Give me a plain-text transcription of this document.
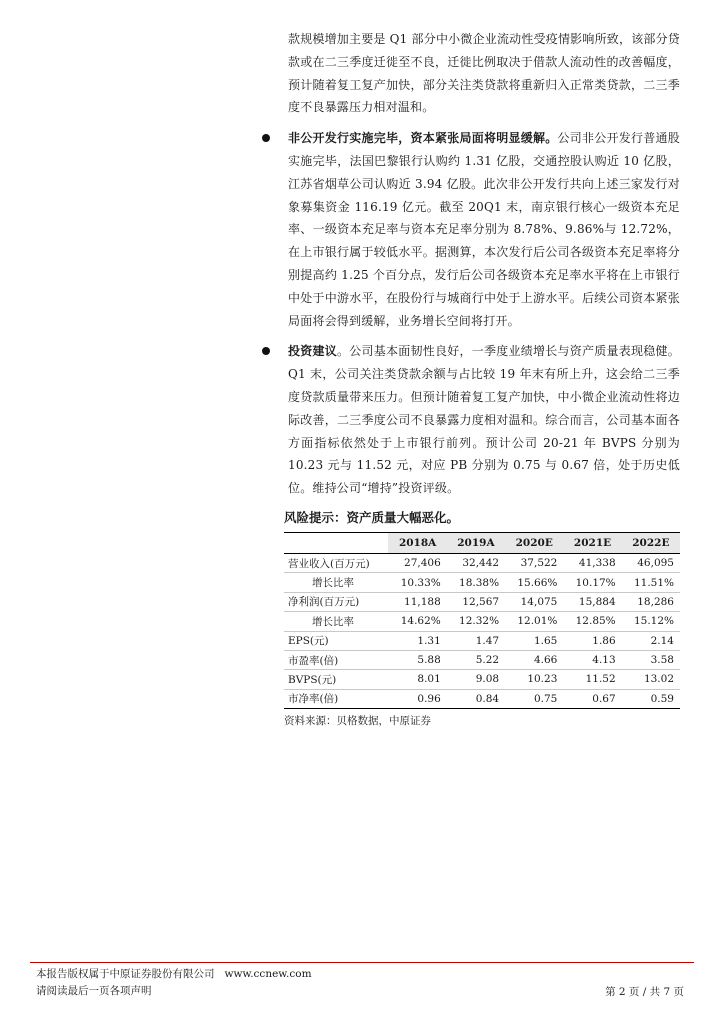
款规模增加主要是 Q1 部分中小微企业流动性受疫情影响所致，该部分贷款或在二三季度迁徙至不良，迁徙比例取决于借款人流动性的改善幅度，预计随着复工复产加快，部分关注类贷款将重新归入正常类贷款，二三季度不良暴露压力相对温和。

非公开发行实施完毕，资本紧张局面将明显缓解。公司非公开发行普通股实施完毕，法国巴黎银行认购约 1.31 亿股，交通控股认购近 10 亿股，江苏省烟草公司认购近 3.94 亿股。此次非公开发行共向上述三家发行对象募集资金 116.19 亿元。截至 20Q1 末，南京银行核心一级资本充足率、一级资本充足率与资本充足率分别为 8.78%、9.86%与 12.72%，在上市银行属于较低水平。据测算，本次发行后公司各级资本充足率将分别提高约 1.25 个百分点，发行后公司各级资本充足率水平将在上市银行中处于中游水平，在股份行与城商行中处于上游水平。后续公司资本紧张局面将会得到缓解，业务增长空间将打开。

投资建议。公司基本面韧性良好，一季度业绩增长与资产质量表现稳健。Q1 末，公司关注类贷款余额与占比较 19 年末有所上升，这会给二三季度贷款质量带来压力。但预计随着复工复产加快，中小微企业流动性将边际改善，二三季度公司不良暴露力度相对温和。综合而言，公司基本面各方面指标依然处于上市银行前列。预计公司 20-21 年 BVPS 分别为 10.23 元与 11.52 元，对应 PB 分别为 0.75 与 0.67 倍，处于历史低位。维持公司“增持”投资评级。

风险提示：资产质量大幅恶化。
	2018A	2019A	2020E	2021E	2022E
营业收入(百万元)	27,406	32,442	37,522	41,338	46,095
增长比率	10.33%	18.38%	15.66%	10.17%	11.51%
净利润(百万元)	11,188	12,567	14,075	15,884	18,286
增长比率	14.62%	12.32%	12.01%	12.85%	15.12%
EPS(元)	1.31	1.47	1.65	1.86	2.14
市盈率(倍)	5.88	5.22	4.66	4.13	3.58
BVPS(元)	8.01	9.08	10.23	11.52	13.02
市净率(倍)	0.96	0.84	0.75	0.67	0.59
资料来源：贝格数据，中原证券
本报告版权属于中原证券股份有限公司 www.ccnew.com
请阅读最后一页各项声明	第 2 页 / 共 7 页
